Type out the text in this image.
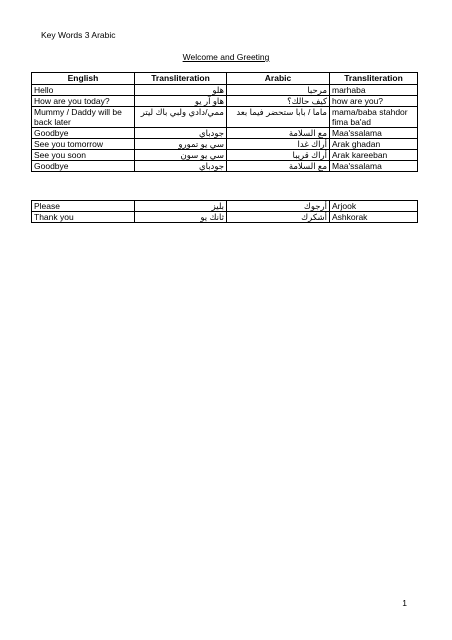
Key Words 3 Arabic
Welcome and Greeting
English	Transliteration	Arabic	Transliteration
Hello	هلو	مرحبا	marhaba
How are you today?	هاو آر يو	كيف حالك؟	how are you?
Mummy / Daddy will be back later	ممي/دادي ولبي باك ليتر	ماما / بابا ستحضر فيما بعد	mama/baba stahdor fima ba'ad
Goodbye	جودباي	مع السلامة	Maa'ssalama
See you tomorrow	سي يو تمورو	أراك غدا	Arak ghadan
See you soon	سي يو سون	أراك قريبا	Arak kareeban
Goodbye	جودباي	مع السلامة	Maa'ssalama
Please	بليز	أرجوك	Arjook
Thank you	ثانك يو	أشكرك	Ashkorak
1
